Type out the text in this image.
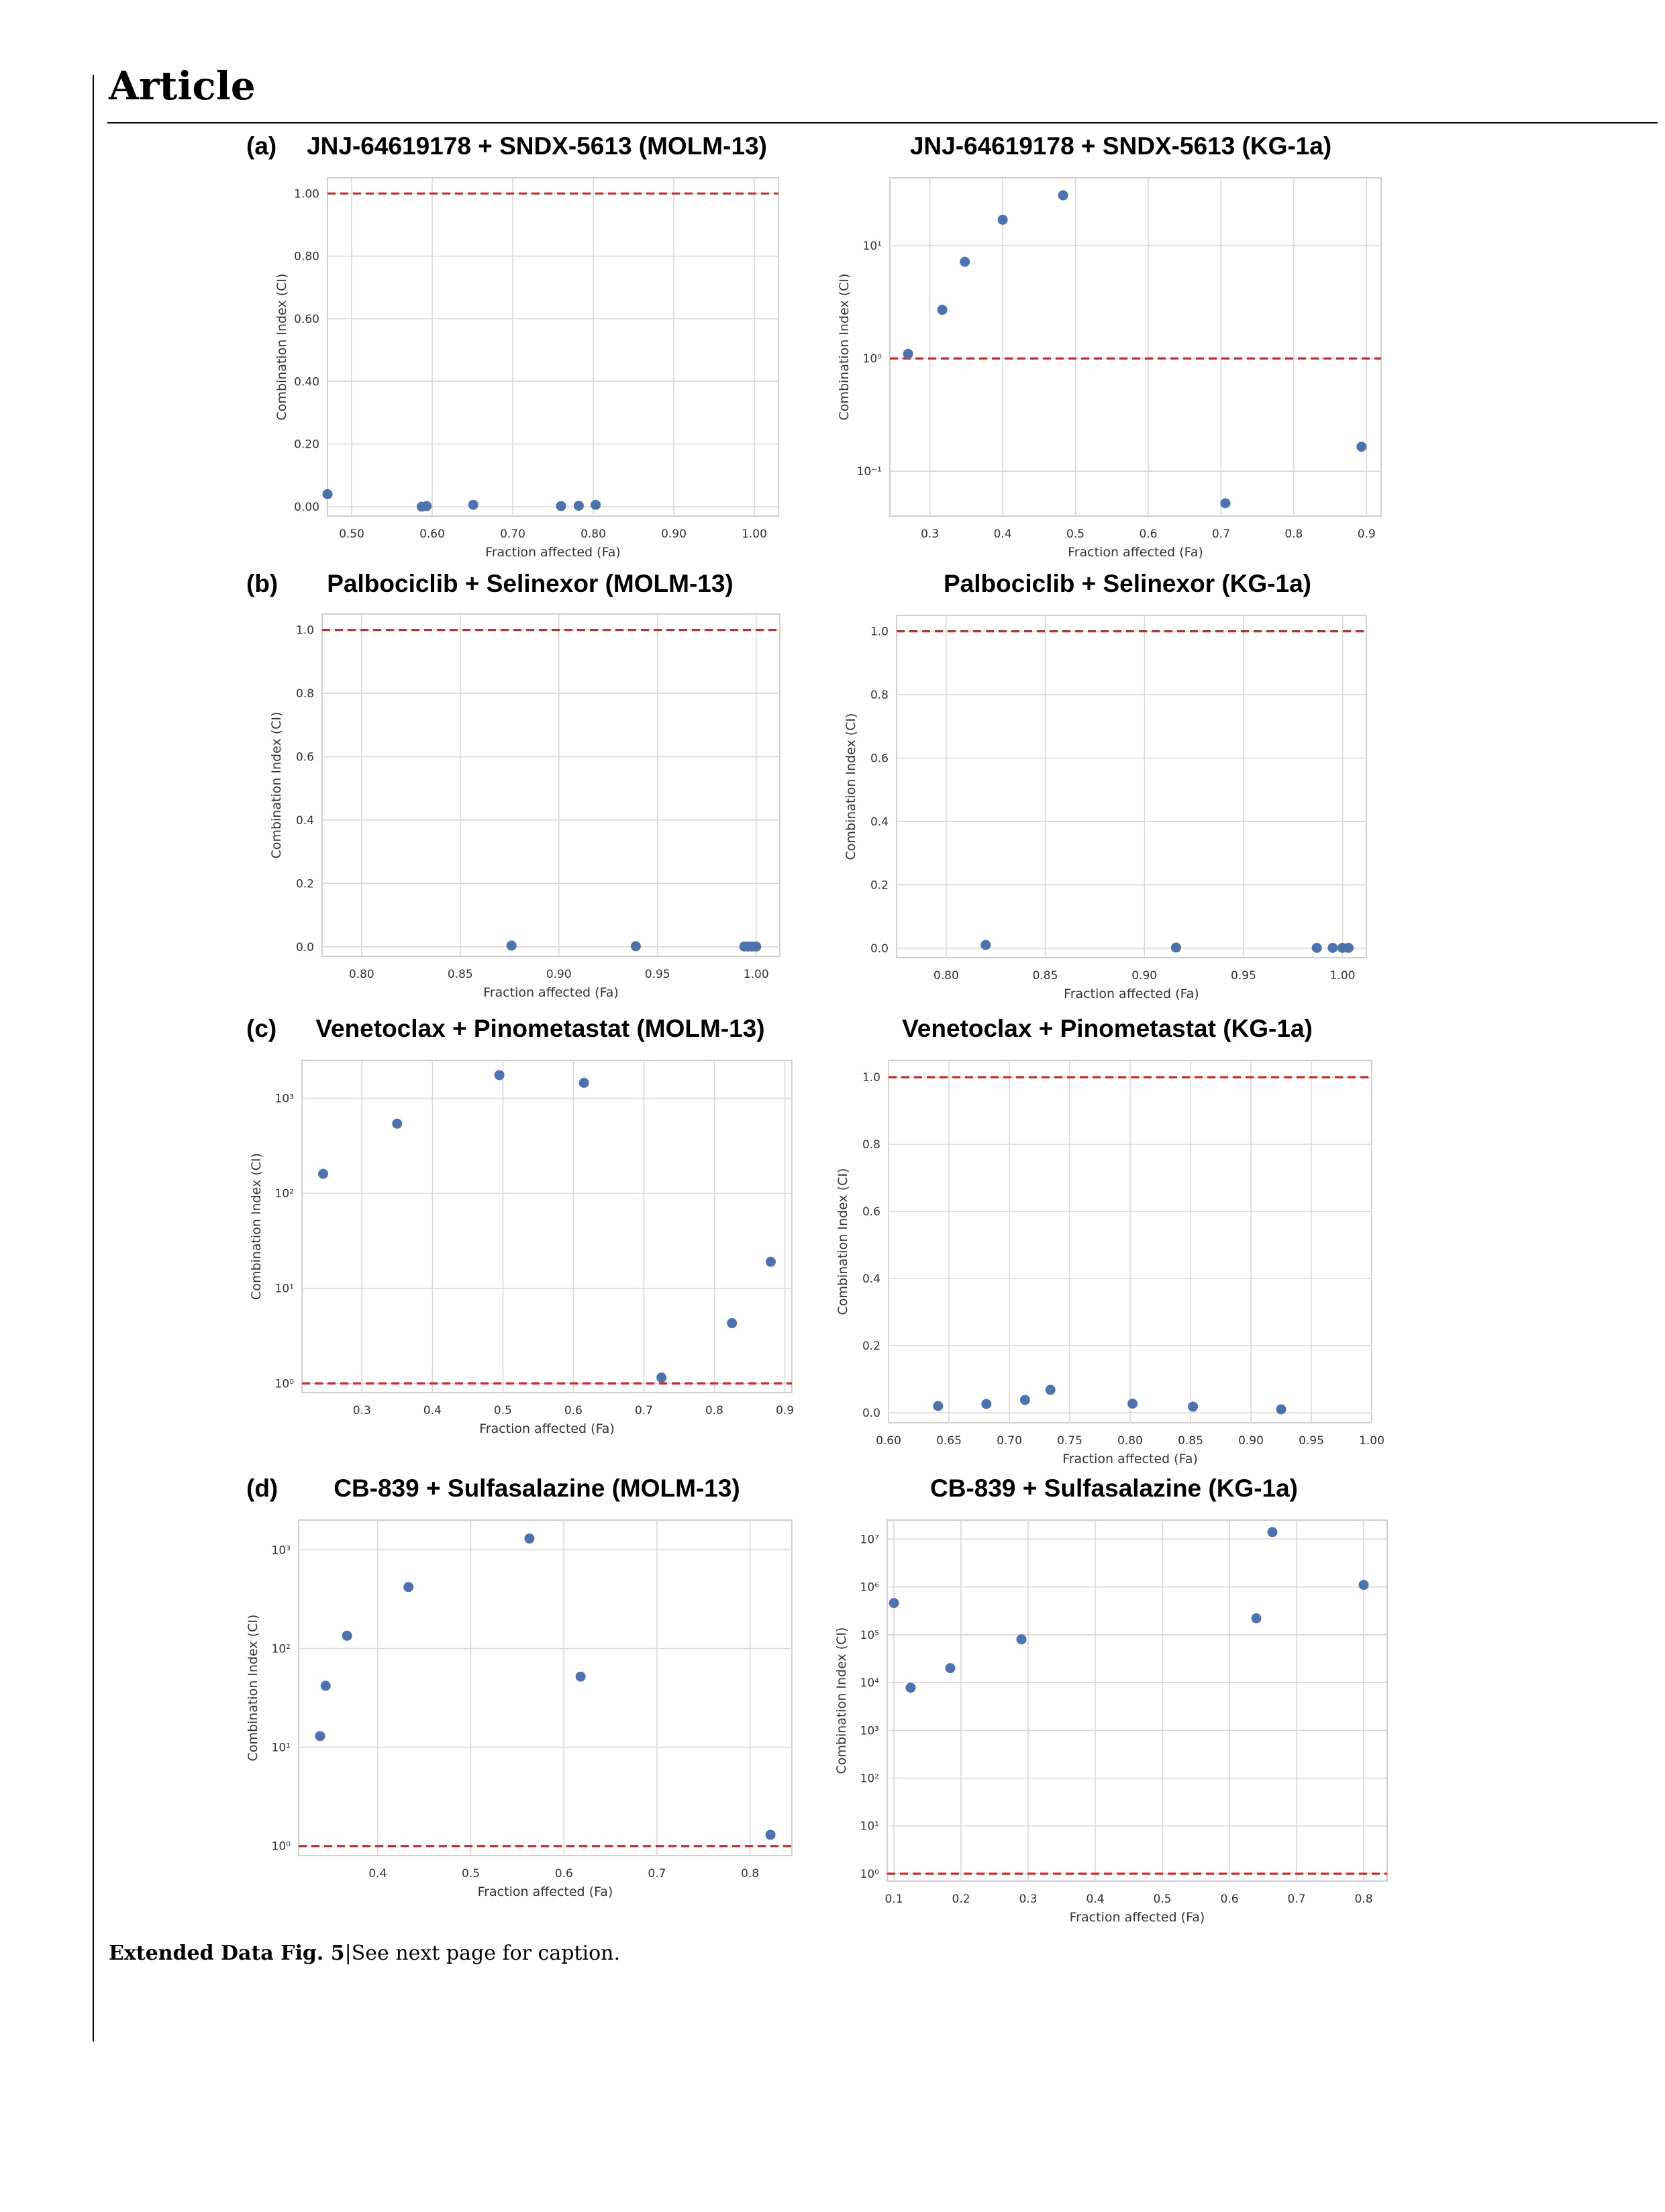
Article
(a)
(b)
(c)
(d)
JNJ-64619178 + SNDX-5613 (MOLM-13)	JNJ-64619178 + SNDX-5613 (KG-1a)
Palbociclib + Selinexor (MOLM-13)	Palbociclib + Selinexor (KG-1a)
Venetoclax + Pinometastat (MOLM-13)	Venetoclax + Pinometastat (KG-1a)
CB-839 + Sulfasalazine (MOLM-13)	CB-839 + Sulfasalazine (KG-1a)
0.50	0.60	0.70	0.80	0.90	1.00
0.00
0.20
0.40
0.60
0.80
1.00
Fraction affected (Fa)
Combination Index (CI)
0.3	0.4	0.5	0.6	0.7	0.8	0.9
10⁻¹
10⁰
10¹
Fraction affected (Fa)
Combination Index (CI)
0.80	0.85	0.90	0.95	1.00
0.0
0.2
0.4
0.6
0.8
1.0
Fraction affected (Fa)
Combination Index (CI)
0.80	0.85	0.90	0.95	1.00
0.0
0.2
0.4
0.6
0.8
1.0
Fraction affected (Fa)
Combination Index (CI)
0.3	0.4	0.5	0.6	0.7	0.8	0.9
10⁰
10¹
10²
10³
Fraction affected (Fa)
Combination Index (CI)
0.60	0.65	0.70	0.75	0.80	0.85	0.90	0.95	1.00
0.0
0.2
0.4
0.6
0.8
1.0
Fraction affected (Fa)
Combination Index (CI)
0.4	0.5	0.6	0.7	0.8
10⁰
10¹
10²
10³
Fraction affected (Fa)
Combination Index (CI)
0.1	0.2	0.3	0.4	0.5	0.6	0.7	0.8
10⁰
10¹
10²
10³
10⁴
10⁵
10⁶
10⁷
Fraction affected (Fa)
Combination Index (CI)
Extended Data Fig. 5|See next page for caption.
